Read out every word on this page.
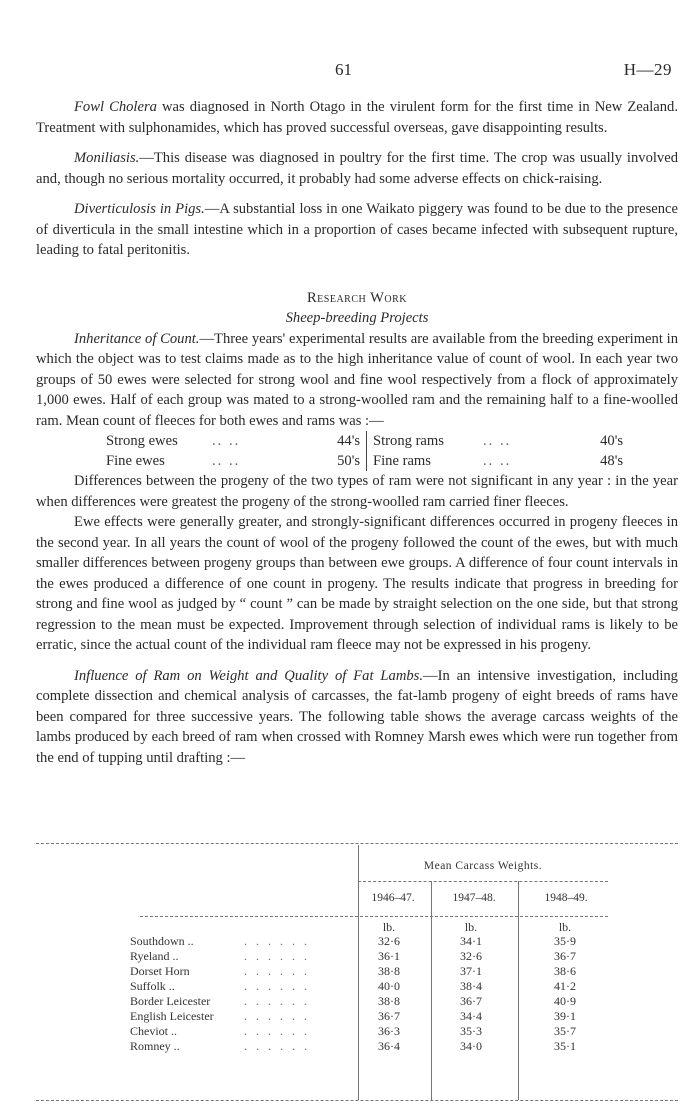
61	H—29

Fowl Cholera was diagnosed in North Otago in the virulent form for the first time in New Zealand. Treatment with sulphonamides, which has proved successful overseas, gave disappointing results.

Moniliasis.—This disease was diagnosed in poultry for the first time. The crop was usually involved and, though no serious mortality occurred, it probably had some adverse effects on chick-raising.

Diverticulosis in Pigs.—A substantial loss in one Waikato piggery was found to be due to the presence of diverticula in the small intestine which in a proportion of cases became infected with subsequent rupture, leading to fatal peritonitis.

Research Work

Sheep-breeding Projects

Inheritance of Count.—Three years' experimental results are available from the breeding experiment in which the object was to test claims made as to the high inheritance value of count of wool. In each year two groups of 50 ewes were selected for strong wool and fine wool respectively from a flock of approximately 1,000 ewes. Half of each group was mated to a strong-woolled ram and the remaining half to a fine-woolled ram. Mean count of fleeces for both ewes and rams was :—

Strong ewes	.. ..	44's	Strong rams	.. ..	40's
Fine ewes	.. ..	50's	Fine rams	.. ..	48's

Differences between the progeny of the two types of ram were not significant in any year : in the year when differences were greatest the progeny of the strong-woolled ram carried finer fleeces.

Ewe effects were generally greater, and strongly-significant differences occurred in progeny fleeces in the second year. In all years the count of wool of the progeny followed the count of the ewes, but with much smaller differences between progeny groups than between ewe groups. A difference of four count intervals in the ewes produced a difference of one count in progeny. The results indicate that progress in breeding for strong and fine wool as judged by “ count ” can be made by straight selection on the one side, but that strong regression to the mean must be expected. Improvement through selection of individual rams is likely to be erratic, since the actual count of the individual ram fleece may not be expressed in his progeny.

Influence of Ram on Weight and Quality of Fat Lambs.—In an intensive investigation, including complete dissection and chemical analysis of carcasses, the fat-lamb progeny of eight breeds of rams have been compared for three successive years. The following table shows the average carcass weights of the lambs produced by each breed of ram when crossed with Romney Marsh ewes which were run together from the end of tupping until drafting :—

Mean Carcass Weights.
1946–47.	1947–48.	1948–49.
lb.	lb.	lb.
Southdown ..	. . . . . .	32·6	34·1	35·9
Ryeland ..	. . . . . .	36·1	32·6	36·7
Dorset Horn	. . . . . .	38·8	37·1	38·6
Suffolk ..	. . . . . .	40·0	38·4	41·2
Border Leicester	. . . . . .	38·8	36·7	40·9
English Leicester	. . . . . .	36·7	34·4	39·1
Cheviot ..	. . . . . .	36·3	35·3	35·7
Romney ..	. . . . . .	36·4	34·0	35·1
